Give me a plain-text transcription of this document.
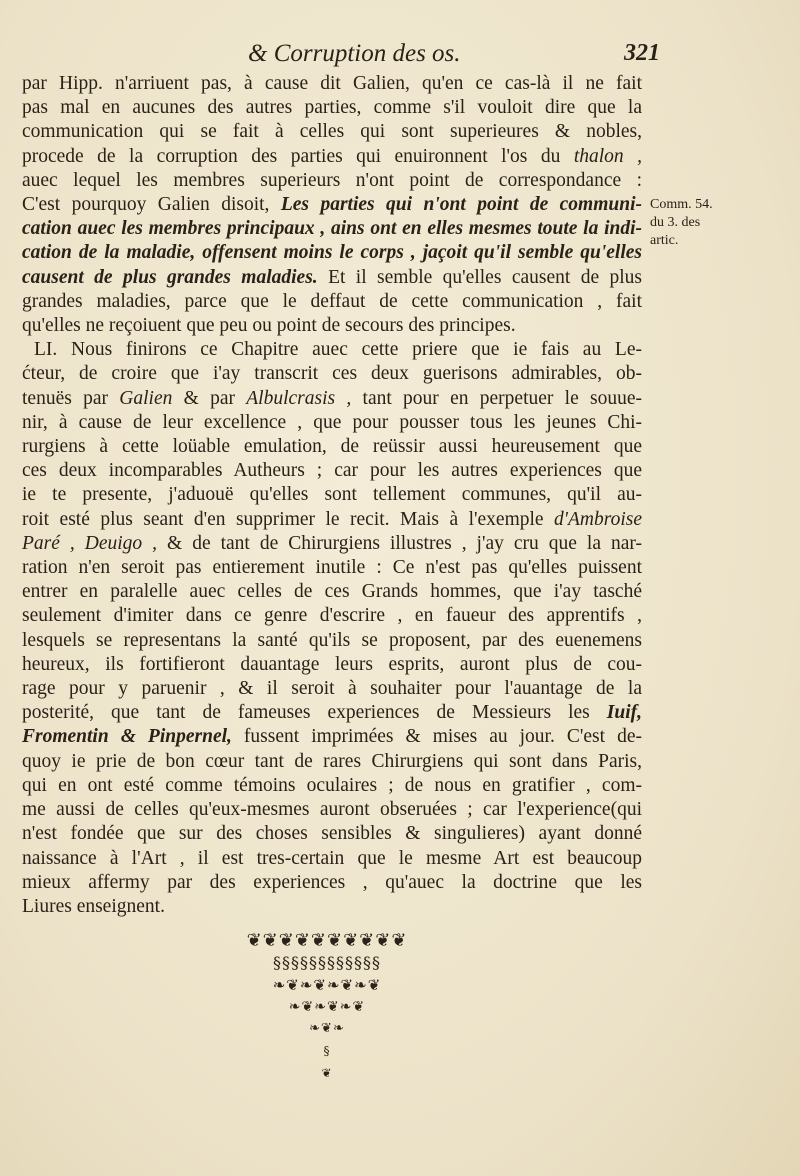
& Corruption des os.	321
par Hipp. n'arriuent pas, à cause dit Galien, qu'en ce cas-là il ne fait
pas mal en aucunes des autres parties, comme s'il vouloit dire que la
communication qui se fait à celles qui sont superieures & nobles,
procede de la corruption des parties qui enuironnent l'os du thalon ,
auec lequel les membres superieurs n'ont point de correspondance :
C'est pourquoy Galien disoit, Les parties qui n'ont point de communi-
cation auec les membres principaux , ains ont en elles mesmes toute la indi-
cation de la maladie, offensent moins le corps , jaçoit qu'il semble qu'elles
causent de plus grandes maladies. Et il semble qu'elles causent de plus
grandes maladies, parce que le deffaut de cette communication , fait
qu'elles ne reçoiuent que peu ou point de secours des principes.
LI. Nous finirons ce Chapitre auec cette priere que ie fais au Le-
ćteur, de croire que i'ay transcrit ces deux guerisons admirables, ob-
tenuës par Galien & par Albulcrasis , tant pour en perpetuer le souue-
nir, à cause de leur excellence , que pour pousser tous les jeunes Chi-
rurgiens à cette loüable emulation, de reüssir aussi heureusement que
ces deux incomparables Autheurs ; car pour les autres experiences que
ie te presente, j'aduouë qu'elles sont tellement communes, qu'il au-
roit esté plus seant d'en supprimer le recit. Mais à l'exemple d'Ambroise
Paré , Deuigo , & de tant de Chirurgiens illustres , j'ay cru que la nar-
ration n'en seroit pas entierement inutile : Ce n'est pas qu'elles puissent
entrer en paralelle auec celles de ces Grands hommes, que i'ay tasché
seulement d'imiter dans ce genre d'escrire , en faueur des apprentifs ,
lesquels se representans la santé qu'ils se proposent, par des euenemens
heureux, ils fortifieront dauantage leurs esprits, auront plus de cou-
rage pour y paruenir , & il seroit à souhaiter pour l'auantage de la
posterité, que tant de fameuses experiences de Messieurs les Iuif,
Fromentin & Pinpernel, fussent imprimées & mises au jour. C'est de-
quoy ie prie de bon cœur tant de rares Chirurgiens qui sont dans Paris,
qui en ont esté comme témoins oculaires ; de nous en gratifier , com-
me aussi de celles qu'eux-mesmes auront obseruées ; car l'experience(qui
n'est fondée que sur des choses sensibles & singulieres) ayant donné
naissance à l'Art , il est tres-certain que le mesme Art est beaucoup
mieux affermy par des experiences , qu'auec la doctrine que les
Liures enseignent.
Comm. 54.
du 3. des
artic.
❦❦❦❦❦❦❦❦❦❦
§§§§§§§§§§§§
❧❦❧❦❧❦❧❦
❧❦❧❦❧❦
❧❦❧
§
❦
